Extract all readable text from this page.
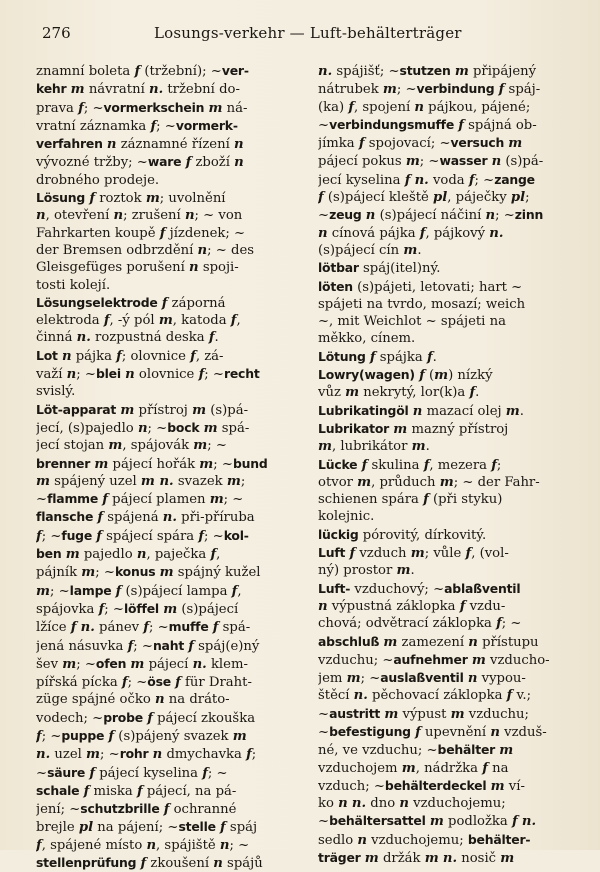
276	Losungs-verkehr — Luft-behälterträger
znamní boleta f (tržební); ~ver-
kehr m návratní n. tržební do-
prava f; ~vormerkschein m ná-
vratní záznamka f; ~vormerk-
verfahren n záznamné řízení n
vývozné tržby; ~ware f zboží n
drobného prodeje.
Lösung f roztok m; uvolnění
n, otevření n; zrušení n; ~ von
Fahrkarten koupě f jízdenek; ~
der Bremsen odbrzdění n; ~ des
Gleisgefüges porušení n spoji-
tosti kolejí.
Lösungselektrode f záporná
elektroda f, -ý pól m, katoda f,
činná n. rozpustná deska f.
Lot n pájka f; olovnice f, zá-
važí n; ~blei n olovnice f; ~recht
svislý.
Löt-apparat m přístroj m (s)pá-
jecí, (s)pajedlo n; ~bock m spá-
jecí stojan m, spájovák m; ~
brenner m pájecí hořák m; ~bund
m spájený uzel m n. svazek m;
~flamme f pájecí plamen m; ~
flansche f spájená n. při-příruba
f; ~fuge f spájecí spára f; ~kol-
ben m pajedlo n, paječka f,
pájník m; ~konus m spájný kužel
m; ~lampe f (s)pájecí lampa f,
spájovka f; ~löffel m (s)pájecí
lžíce f n. pánev f; ~muffe f spá-
jená násuvka f; ~naht f spáj(e)ný
šev m; ~ofen m pájecí n. klem-
pířská pícka f; ~öse f für Draht-
züge spájné očko n na dráto-
vodech; ~probe f pájecí zkouška
f; ~puppe f (s)pájený svazek m
n. uzel m; ~rohr n dmychavka f;
~säure f pájecí kyselina f; ~
schale f miska f pájecí, na pá-
jení; ~schutzbrille f ochranné
brejle pl na pájení; ~stelle f spáj
f, spájené místo n, spájiště n; ~
stellenprüfung f zkoušení n spájů
n. spájišť; ~stutzen m připájený
nátrubek m; ~verbindung f spáj-
(ka) f, spojení n pájkou, pájené;
~verbindungsmuffe f spájná ob-
jímka f spojovací; ~versuch m
pájecí pokus m; ~wasser n (s)pá-
jecí kyselina f n. voda f; ~zange
f (s)pájecí kleště pl, páječky pl;
~zeug n (s)pájecí náčiní n; ~zinn
n cínová pájka f, pájkový n.
(s)pájecí cín m.
lötbar spáj(itel)ný.
löten (s)pájeti, letovati; hart ~
spájeti na tvrdo, mosazí; weich
~, mit Weichlot ~ spájeti na
měkko, cínem.
Lötung f spájka f.
Lowry(wagen) f (m) nízký
vůz m nekrytý, lor(k)a f.
Lubrikatingöl n mazací olej m.
Lubrikator m mazný přístroj
m, lubrikátor m.
Lücke f skulina f, mezera f;
otvor m, průduch m; ~ der Fahr-
schienen spára f (při styku)
kolejnic.
lückig pórovitý, dírkovitý.
Luft f vzduch m; vůle f, (vol-
ný) prostor m.
Luft- vzduchový; ~ablaßventil
n výpustná záklopka f vzdu-
chová; odvětrací záklopka f; ~
abschluß m zamezení n přístupu
vzduchu; ~aufnehmer m vzducho-
jem m; ~auslaßventil n vypou-
štěcí n. pěchovací záklopka f v.;
~austritt m výpust m vzduchu;
~befestigung f upevnění n vzduš-
né, ve vzduchu; ~behälter m
vzduchojem m, nádržka f na
vzduch; ~behälterdeckel m ví-
ko n n. dno n vzduchojemu;
~behältersattel m podložka f n.
sedlo n vzduchojemu; behälter-
träger m držák m n. nosič m
